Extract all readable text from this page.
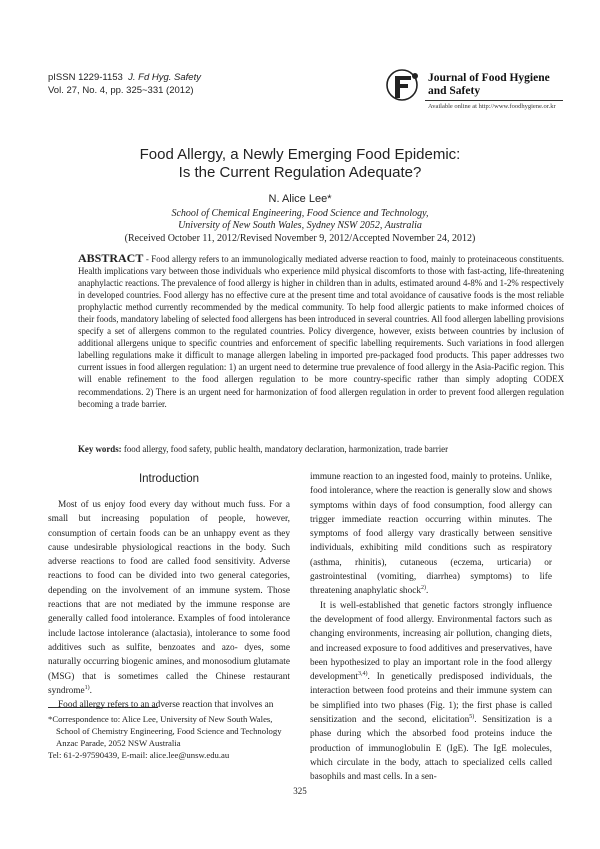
pISSN 1229-1153 J. Fd Hyg. Safety
Vol. 27, No. 4, pp. 325~331 (2012)
Journal of Food Hygiene
and Safety
Available online at http://www.foodhygiene.or.kr
Food Allergy, a Newly Emerging Food Epidemic:
Is the Current Regulation Adequate?
N. Alice Lee*
School of Chemical Engineering, Food Science and Technology,
University of New South Wales, Sydney NSW 2052, Australia
(Received October 11, 2012/Revised November 9, 2012/Accepted November 24, 2012)
ABSTRACT - Food allergy refers to an immunologically mediated adverse reaction to food, mainly to proteinaceous constituents. Health implications vary between those individuals who experience mild physical discomforts to those with fast-acting, life-threatening anaphylactic reactions. The prevalence of food allergy is higher in children than in adults, estimated around 4-8% and 1-2% respectively in developed countries. Food allergy has no effective cure at the present time and total avoidance of causative foods is the most reliable prophylactic method currently recommended by the medical community. To help food allergic patients to make informed choices of their foods, mandatory labeling of selected food allergens has been introduced in several countries. All food allergen labelling provisions specify a set of allergens common to the regulated countries. Policy divergence, however, exists between countries by inclusion of additional allergens unique to specific countries and enforcement of specific labelling requirements. Such variations in food allergen labelling regulations make it difficult to manage allergen labeling in imported pre-packaged food products. This paper addresses two current issues in food allergen regulation: 1) an urgent need to determine true prevalence of food allergy in the Asia-Pacific region. This will enable refinement to the food allergen regulation to be more country-specific rather than simply adopting CODEX recommendations. 2) There is an urgent need for harmonization of food allergen regulation in order to prevent food allergen regulation becoming a trade barrier.
Key words: food allergy, food safety, public health, mandatory declaration, harmonization, trade barrier
Introduction

Most of us enjoy food every day without much fuss. For a small but increasing population of people, however, consumption of certain foods can be an unhappy event as they cause undesirable physiological reactions in the body. Such adverse reactions to food are called food sensitivity. Adverse reactions to food can be divided into two general categories, depending on the involvement of an immune system. Those reactions that are not mediated by the immune response are generally called food intolerance. Examples of food intolerance include lactose intolerance (alactasia), intolerance to some food additives such as sulfite, benzoates and azo- dyes, some naturally occurring biogenic amines, and monosodium glutamate (MSG) that is sometimes called the Chinese restaurant syndrome$^{1)}$.

Food allergy refers to an adverse reaction that involves an

immune reaction to an ingested food, mainly to proteins. Unlike, food intolerance, where the reaction is generally slow and shows symptoms within days of food consumption, food allergy can trigger immediate reaction occurring within minutes. The symptoms of food allergy vary drastically between sensitive individuals, exhibiting mild conditions such as respiratory (asthma, rhinitis), cutaneous (eczema, urticaria) or gastrointestinal (vomiting, diarrhea) symptoms) to life threatening anaphylatic shock$^{2)}$.

It is well-established that genetic factors strongly influence the development of food allergy. Environmental factors such as changing environments, increasing air pollution, changing diets, and increased exposure to food additives and preservatives, have been hypothesized to play an important role in the food allergy development$^{3,4)}$. In genetically predisposed individuals, the interaction between food proteins and their immune system can be simplified into two phases (Fig. 1); the first phase is called sensitization and the second, elicitation$^{5)}$. Sensitization is a phase during which the absorbed food proteins induce the production of immunoglobulin E (IgE). The IgE molecules, which circulate in the body, attach to specialized cells called basophils and mast cells. In a sen-

*Correspondence to: Alice Lee, University of New South Wales,
School of Chemistry Engineering, Food Science and Technology
Anzac Parade, 2052 NSW Australia
Tel: 61-2-97590439, E-mail: alice.lee@unsw.edu.au
325
